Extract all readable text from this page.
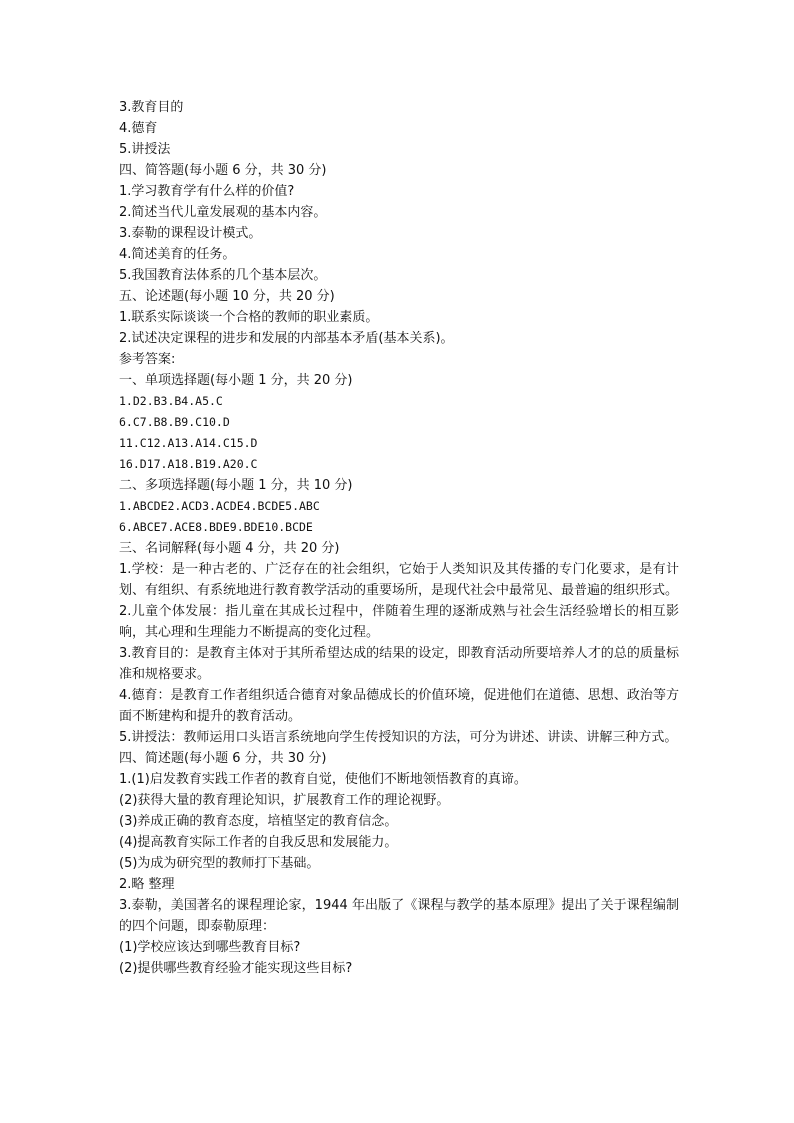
3.教育目的

4.德育

5.讲授法

四、简答题(每小题 6 分，共 30 分)

1.学习教育学有什么样的价值?

2.简述当代儿童发展观的基本内容。

3.泰勒的课程设计模式。

4.简述美育的任务。

5.我国教育法体系的几个基本层次。

五、论述题(每小题 10 分，共 20 分)

1.联系实际谈谈一个合格的教师的职业素质。

2.试述决定课程的进步和发展的内部基本矛盾(基本关系)。

参考答案:

一、单项选择题(每小题 1 分，共 20 分)

1.D2.B3.B4.A5.C

6.C7.B8.B9.C10.D

11.C12.A13.A14.C15.D

16.D17.A18.B19.A20.C

二、多项选择题(每小题 1 分，共 10 分)

1.ABCDE2.ACD3.ACDE4.BCDE5.ABC

6.ABCE7.ACE8.BDE9.BDE10.BCDE

三、名词解释(每小题 4 分，共 20 分)

1.学校：是一种古老的、广泛存在的社会组织，它始于人类知识及其传播的专门化要求，是有计划、有组织、有系统地进行教育教学活动的重要场所，是现代社会中最常见、最普遍的组织形式。

2.儿童个体发展：指儿童在其成长过程中，伴随着生理的逐渐成熟与社会生活经验增长的相互影响，其心理和生理能力不断提高的变化过程。

3.教育目的：是教育主体对于其所希望达成的结果的设定，即教育活动所要培养人才的总的质量标准和规格要求。

4.德育：是教育工作者组织适合德育对象品德成长的价值环境，促进他们在道德、思想、政治等方面不断建构和提升的教育活动。

5.讲授法：教师运用口头语言系统地向学生传授知识的方法，可分为讲述、讲读、讲解三种方式。

四、简述题(每小题 6 分，共 30 分)

1.(1)启发教育实践工作者的教育自觉，使他们不断地领悟教育的真谛。

(2)获得大量的教育理论知识，扩展教育工作的理论视野。

(3)养成正确的教育态度，培植坚定的教育信念。

(4)提高教育实际工作者的自我反思和发展能力。

(5)为成为研究型的教师打下基础。

2.略 整理

3.泰勒，美国著名的课程理论家，1944 年出版了《课程与教学的基本原理》提出了关于课程编制的四个问题，即泰勒原理：

(1)学校应该达到哪些教育目标?

(2)提供哪些教育经验才能实现这些目标?
